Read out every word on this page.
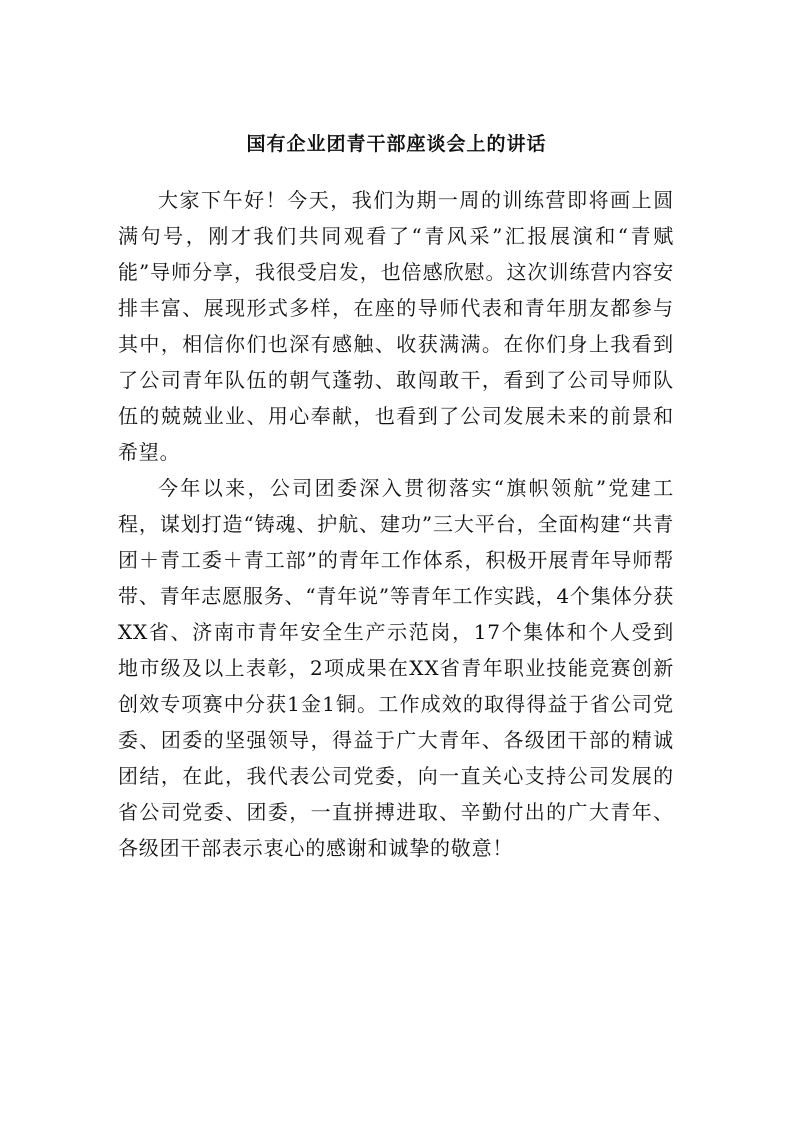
国有企业团青干部座谈会上的讲话

大家下午好！今天，我们为期一周的训练营即将画上圆满句号，刚才我们共同观看了“青风采”汇报展演和“青赋能”导师分享，我很受启发，也倍感欣慰。这次训练营内容安排丰富、展现形式多样，在座的导师代表和青年朋友都参与其中，相信你们也深有感触、收获满满。在你们身上我看到了公司青年队伍的朝气蓬勃、敢闯敢干，看到了公司导师队伍的兢兢业业、用心奉献，也看到了公司发展未来的前景和希望。

今年以来，公司团委深入贯彻落实“旗帜领航”党建工程，谋划打造“铸魂、护航、建功”三大平台，全面构建“共青团＋青工委＋青工部”的青年工作体系，积极开展青年导师帮带、青年志愿服务、“青年说”等青年工作实践，4个集体分获XX省、济南市青年安全生产示范岗，17个集体和个人受到地市级及以上表彰，2项成果在XX省青年职业技能竞赛创新创效专项赛中分获1金1铜。工作成效的取得得益于省公司党委、团委的坚强领导，得益于广大青年、各级团干部的精诚团结，在此，我代表公司党委，向一直关心支持公司发展的省公司党委、团委，一直拼搏进取、辛勤付出的广大青年、各级团干部表示衷心的感谢和诚挚的敬意！
